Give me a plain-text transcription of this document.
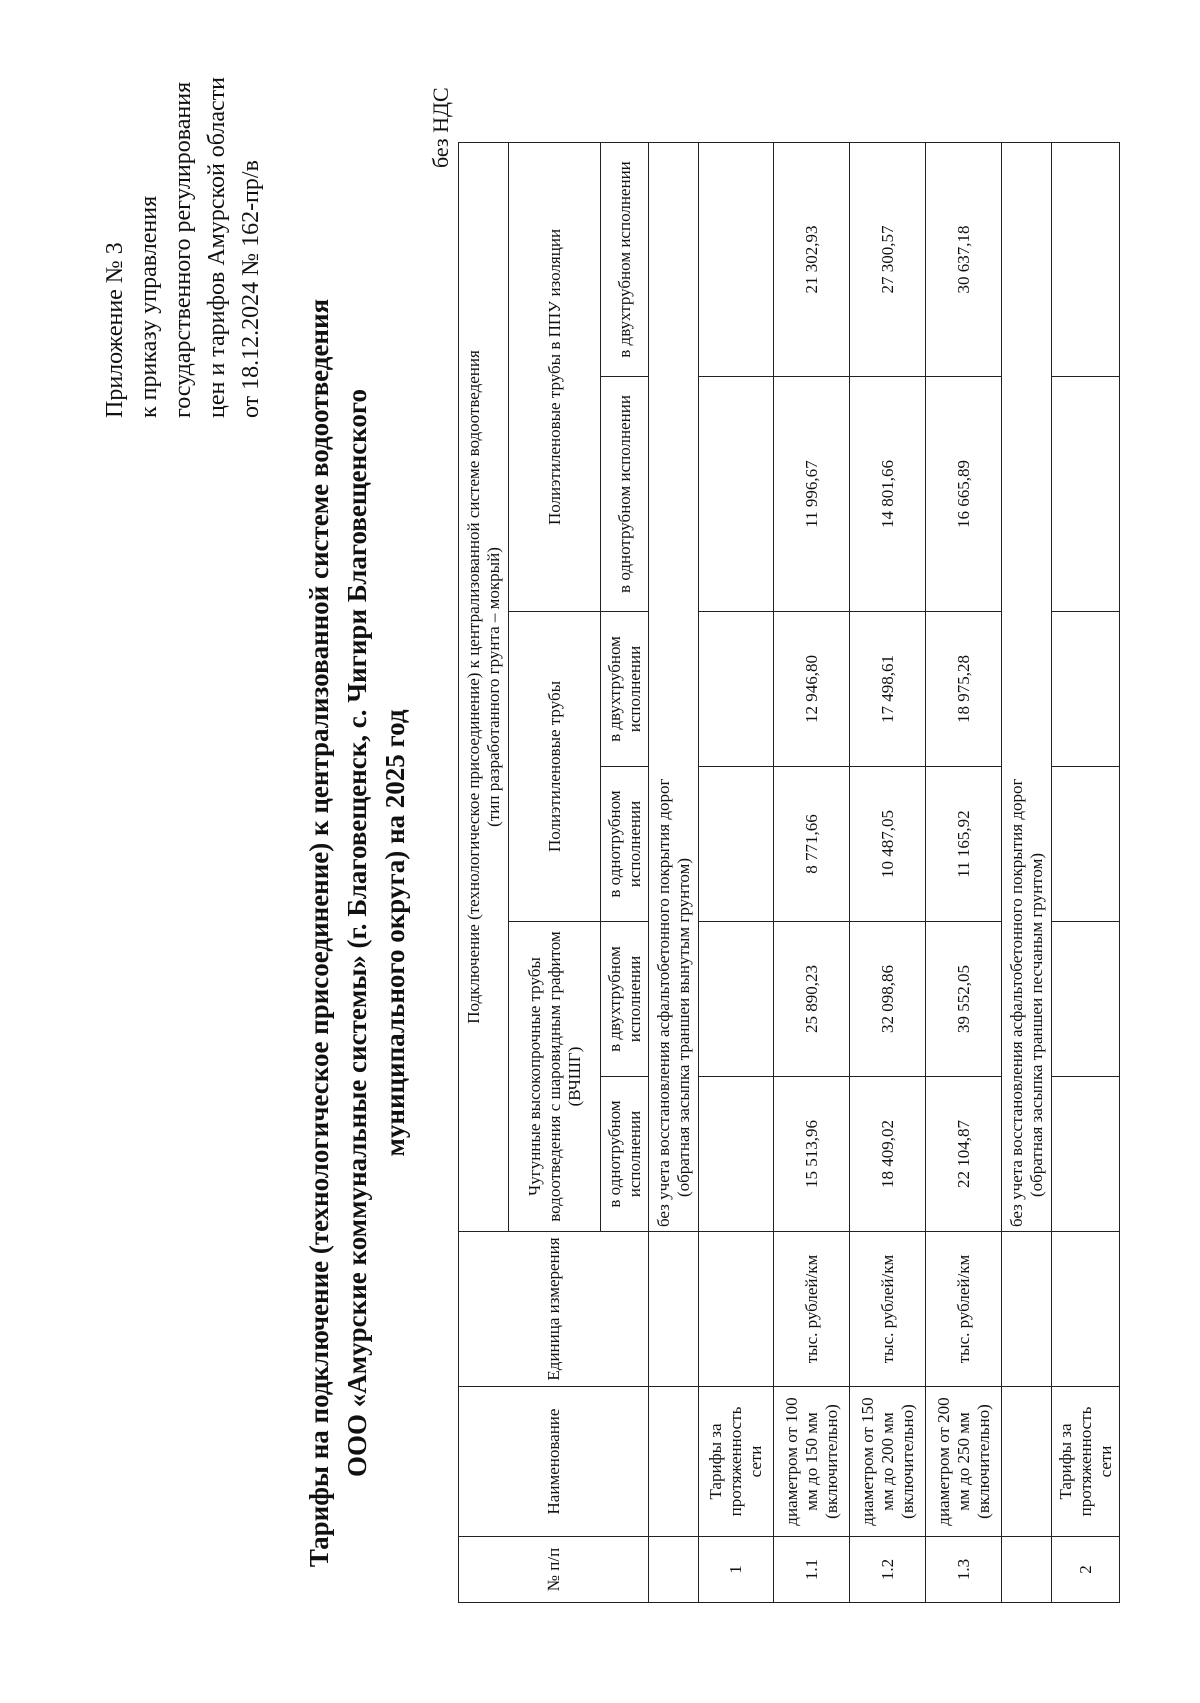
Приложение № 3 к приказу управления государственного регулирования цен и тарифов Амурской области от 18.12.2024 № 162-пр/в
Тарифы на подключение (технологическое присоединение) к централизованной системе водоотведения ООО «Амурские коммунальные системы» (г. Благовещенск, с. Чигири Благовещенского муниципального округа) на 2025 год
без НДС
№ п/п	Наименование	Единица измерения	Подключение (технологическое присоединение) к централизованной системе водоотведения (тип разработанного грунта – мокрый)					

			Чугунные высокопрочные трубы водоотведения с шаровидным графитом (ВЧШГ)		Полиэтиленовые трубы		Полиэтиленовые трубы в ППУ изоляции	
			в однотрубном исполнении	в двухтрубном исполнении	в однотрубном исполнении	в двухтрубном исполнении	в однотрубном исполнении	в двухтрубном исполнении

			без учета восстановления асфальтобетонного покрытия дорог (обратная засыпка траншеи вынутым грунтом)					

1	Тарифы за протяженность сети							
1.1	диаметром от 100 мм до 150 мм (включительно)	тыс. рублей/км	15 513,96	25 890,23	8 771,66	12 946,80	11 996,67	21 302,93
1.2	диаметром от 150 мм до 200 мм (включительно)	тыс. рублей/км	18 409,02	32 098,86	10 487,05	17 498,61	14 801,66	27 300,57
1.3	диаметром от 200 мм до 250 мм (включительно)	тыс. рублей/км	22 104,87	39 552,05	11 165,92	18 975,28	16 665,89	30 637,18

			без учета восстановления асфальтобетонного покрытия дорог (обратная засыпка траншеи песчаным грунтом)					

2	Тарифы за протяженность сети							
